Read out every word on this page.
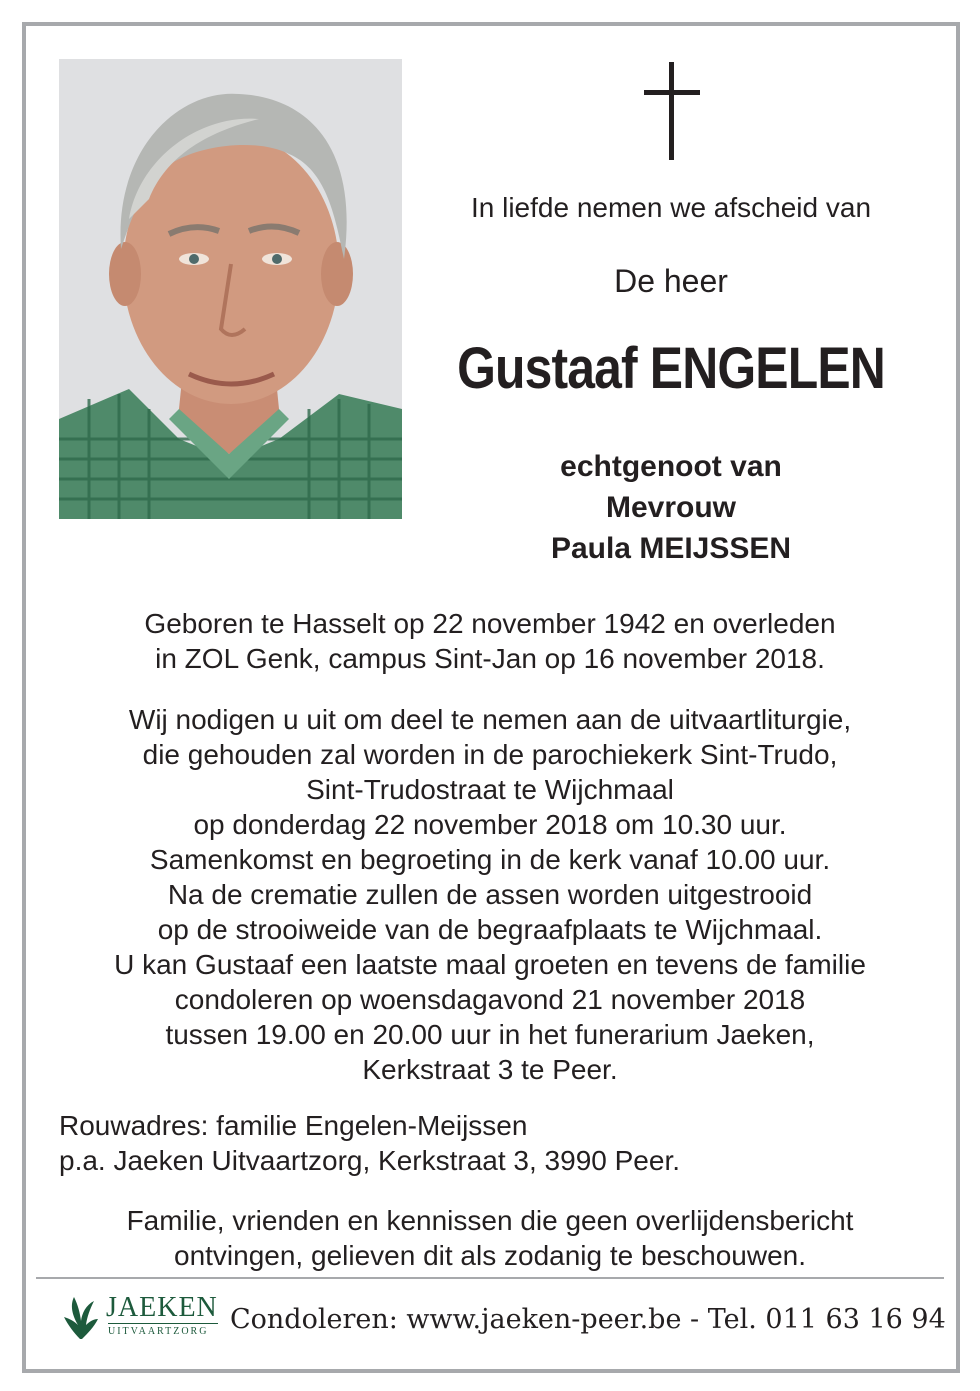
In liefde nemen we afscheid van
De heer
Gustaaf ENGELEN
echtgenoot van
Mevrouw
Paula MEIJSSEN
Geboren te Hasselt op 22 november 1942 en overleden
in ZOL Genk, campus Sint-Jan op 16 november 2018.
Wij nodigen u uit om deel te nemen aan de uitvaartliturgie,
die gehouden zal worden in de parochiekerk Sint-Trudo,
Sint-Trudostraat te Wijchmaal
op donderdag 22 november 2018 om 10.30 uur.
Samenkomst en begroeting in de kerk vanaf 10.00 uur.
Na de crematie zullen de assen worden uitgestrooid
op de strooiweide van de begraafplaats te Wijchmaal.
U kan Gustaaf een laatste maal groeten en tevens de familie
condoleren op woensdagavond 21 november 2018
tussen 19.00 en 20.00 uur in het funerarium Jaeken,
Kerkstraat 3 te Peer.
Rouwadres: familie Engelen-Meijssen
p.a. Jaeken Uitvaartzorg, Kerkstraat 3, 3990 Peer.
Familie, vrienden en kennissen die geen overlijdensbericht
ontvingen, gelieven dit als zodanig te beschouwen.
JAEKEN
UITVAARTZORG Condoleren: www.jaeken-peer.be - Tel. 011 63 16 94
